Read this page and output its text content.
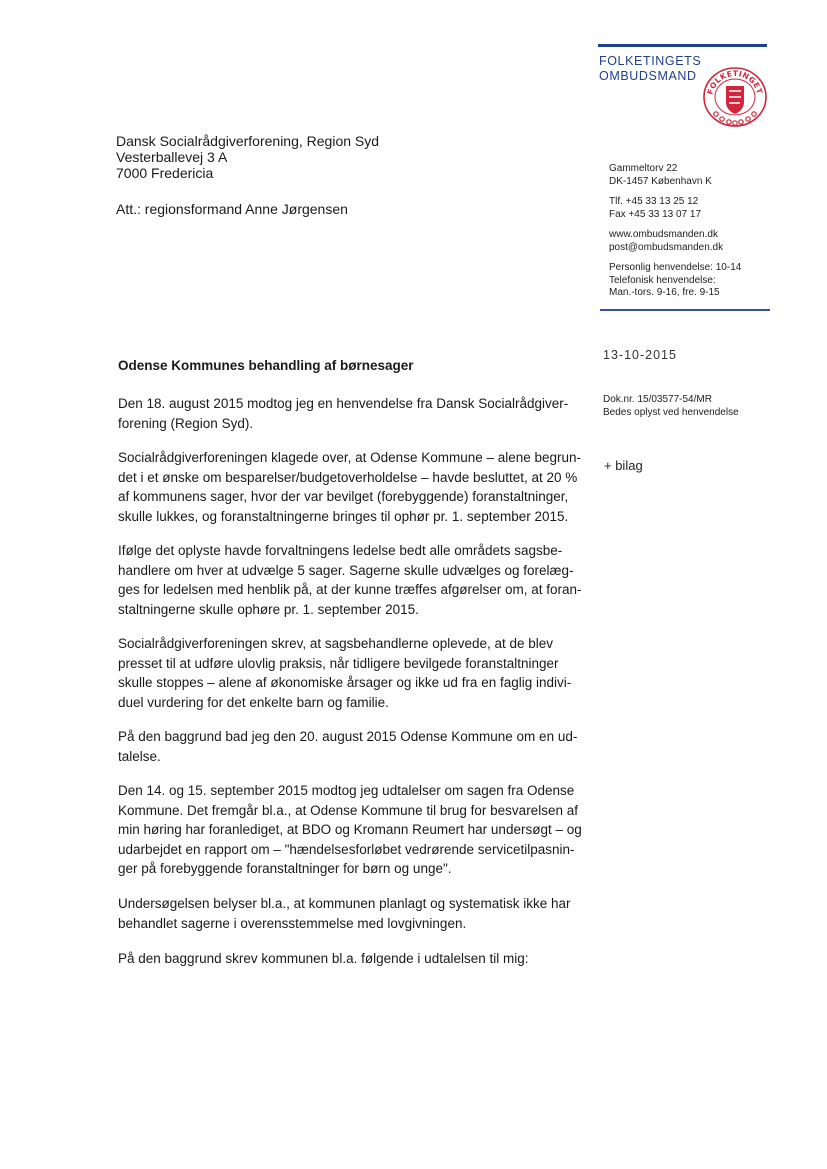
FOLKETINGETS
OMBUDSMAND
FOLKETINGET
Gammeltorv 22
DK-1457 København K
Tlf. +45 33 13 25 12
Fax +45 33 13 07 17
www.ombudsmanden.dk
post@ombudsmanden.dk
Personlig henvendelse: 10-14
Telefonisk henvendelse:
Man.-tors. 9-16, fre. 9-15
13-10-2015
Dok.nr. 15/03577-54/MR
Bedes oplyst ved henvendelse
+ bilag
Dansk Socialrådgiverforening, Region Syd
Vesterballevej 3 A
7000 Fredericia
Att.: regionsformand Anne Jørgensen
Odense Kommunes behandling af børnesager
Den 18. august 2015 modtog jeg en henvendelse fra Dansk Socialrådgiver-
forening (Region Syd).
Socialrådgiverforeningen klagede over, at Odense Kommune – alene begrun-
det i et ønske om besparelser/budgetoverholdelse – havde besluttet, at 20 %
af kommunens sager, hvor der var bevilget (forebyggende) foranstaltninger,
skulle lukkes, og foranstaltningerne bringes til ophør pr. 1. september 2015.
Ifølge det oplyste havde forvaltningens ledelse bedt alle områdets sagsbe-
handlere om hver at udvælge 5 sager. Sagerne skulle udvælges og forelæg-
ges for ledelsen med henblik på, at der kunne træffes afgørelser om, at foran-
staltningerne skulle ophøre pr. 1. september 2015.
Socialrådgiverforeningen skrev, at sagsbehandlerne oplevede, at de blev
presset til at udføre ulovlig praksis, når tidligere bevilgede foranstaltninger
skulle stoppes – alene af økonomiske årsager og ikke ud fra en faglig indivi-
duel vurdering for det enkelte barn og familie.
På den baggrund bad jeg den 20. august 2015 Odense Kommune om en ud-
talelse.
Den 14. og 15. september 2015 modtog jeg udtalelser om sagen fra Odense
Kommune. Det fremgår bl.a., at Odense Kommune til brug for besvarelsen af
min høring har foranlediget, at BDO og Kromann Reumert har undersøgt – og
udarbejdet en rapport om – "hændelsesforløbet vedrørende servicetilpasnin-
ger på forebyggende foranstaltninger for børn og unge".
Undersøgelsen belyser bl.a., at kommunen planlagt og systematisk ikke har
behandlet sagerne i overensstemmelse med lovgivningen.
På den baggrund skrev kommunen bl.a. følgende i udtalelsen til mig:
